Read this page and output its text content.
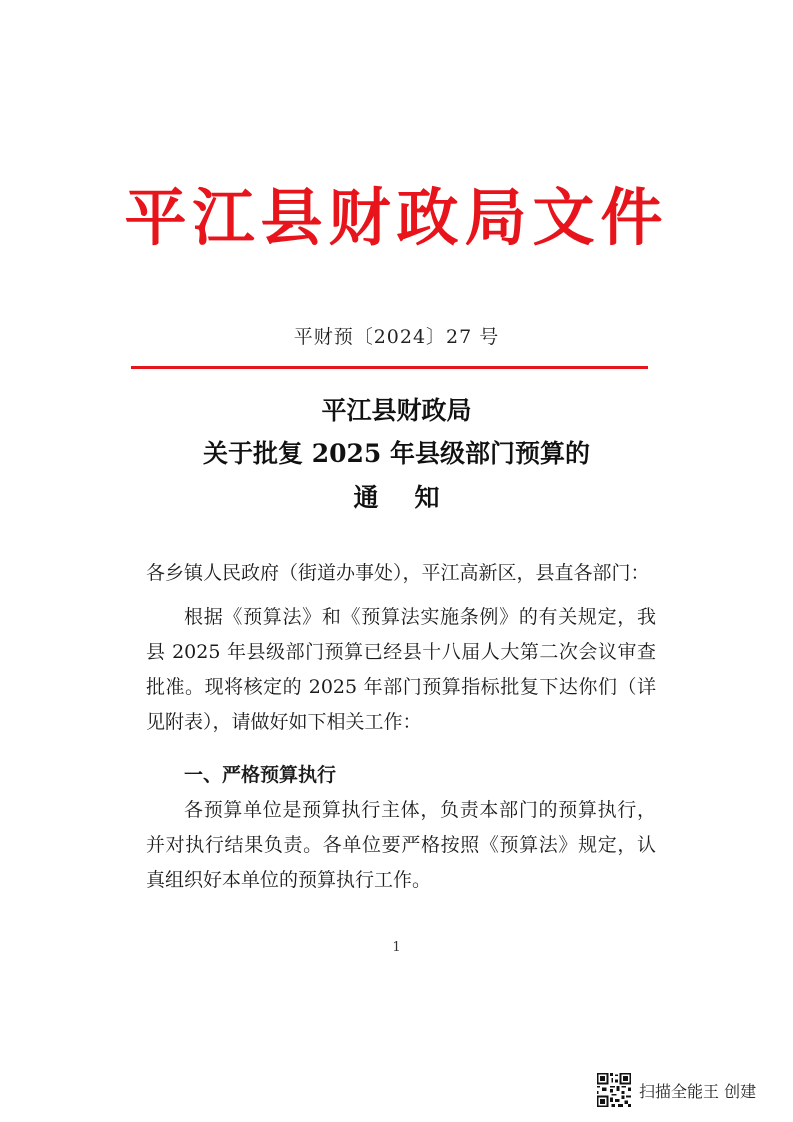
平江县财政局文件
平财预〔2024〕27 号
平江县财政局
关于批复 2025 年县级部门预算的
通知

各乡镇人民政府（街道办事处），平江高新区，县直各部门：

根据《预算法》和《预算法实施条例》的有关规定，我县 2025 年县级部门预算已经县十八届人大第二次会议审查批准。现将核定的 2025 年部门预算指标批复下达你们（详见附表），请做好如下相关工作：

一、严格预算执行

各预算单位是预算执行主体，负责本部门的预算执行，并对执行结果负责。各单位要严格按照《预算法》规定，认真组织好本单位的预算执行工作。

1
扫描全能王 创建
